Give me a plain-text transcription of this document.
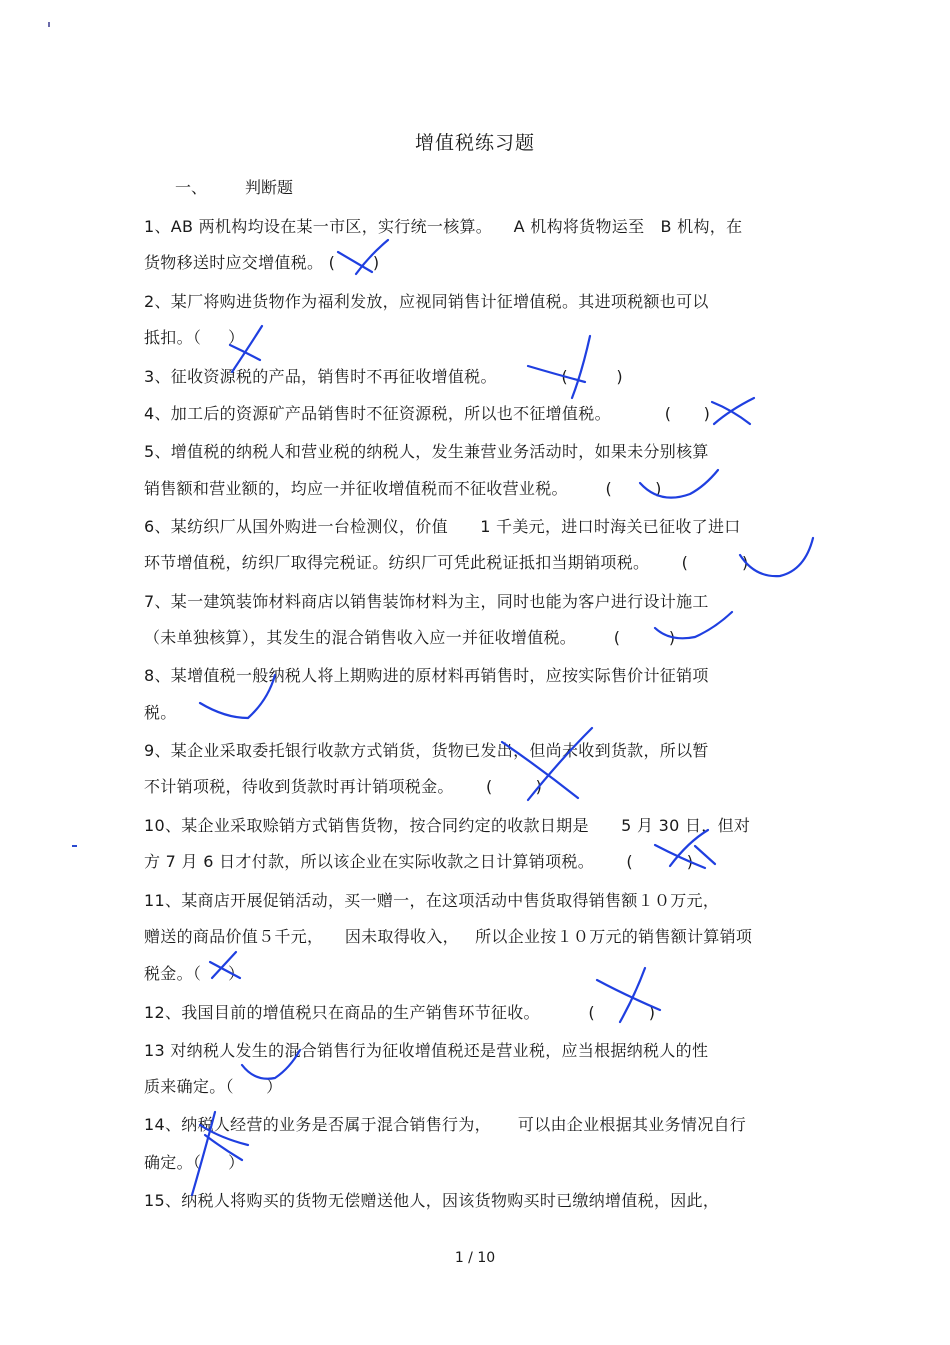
增值税练习题
一、 判断题
1、AB 两机构均设在某一市区，实行统一核算。    A 机构将货物运至   B 机构，在
货物移送时应交增值税。 (       )
2、某厂将购进货物作为福利发放，应视同销售计征增值税。其进项税额也可以
抵扣。（     ）
3、征收资源税的产品，销售时不再征收增值税。            (         )
4、加工后的资源矿产品销售时不征资源税，所以也不征增值税。          (      )
5、增值税的纳税人和营业税的纳税人，发生兼营业务活动时，如果未分别核算
销售额和营业额的，均应一并征收增值税而不征收营业税。       (        )
6、某纺织厂从国外购进一台检测仪，价值      1 千美元，进口时海关已征收了进口
环节增值税，纺织厂取得完税证。纺织厂可凭此税证抵扣当期销项税。      (          )
7、某一建筑装饰材料商店以销售装饰材料为主，同时也能为客户进行设计施工
（未单独核算），其发生的混合销售收入应一并征收增值税。       (         )
8、某增值税一般纳税人将上期购进的原材料再销售时，应按实际售价计征销项
税。
9、某企业采取委托银行收款方式销货，货物已发出，但尚未收到货款，所以暂
不计销项税，待收到货款时再计销项税金。      (        )
10、某企业采取赊销方式销售货物，按合同约定的收款日期是      5 月 30 日，但对
方 7 月 6 日才付款，所以该企业在实际收款之日计算销项税。      (          )
11、某商店开展促销活动，买一赠一，在这项活动中售货取得销售额１０万元，
赠送的商品价值５千元，    因未取得收入，   所以企业按１０万元的销售额计算销项
税金。（     ）
12、我国目前的增值税只在商品的生产销售环节征收。         (          )
13 对纳税人发生的混合销售行为征收增值税还是营业税，应当根据纳税人的性
质来确定。（      ）
14、纳税人经营的业务是否属于混合销售行为，     可以由企业根据其业务情况自行
确定。（     ）
15、纳税人将购买的货物无偿赠送他人，因该货物购买时已缴纳增值税，因此，
1 / 10
